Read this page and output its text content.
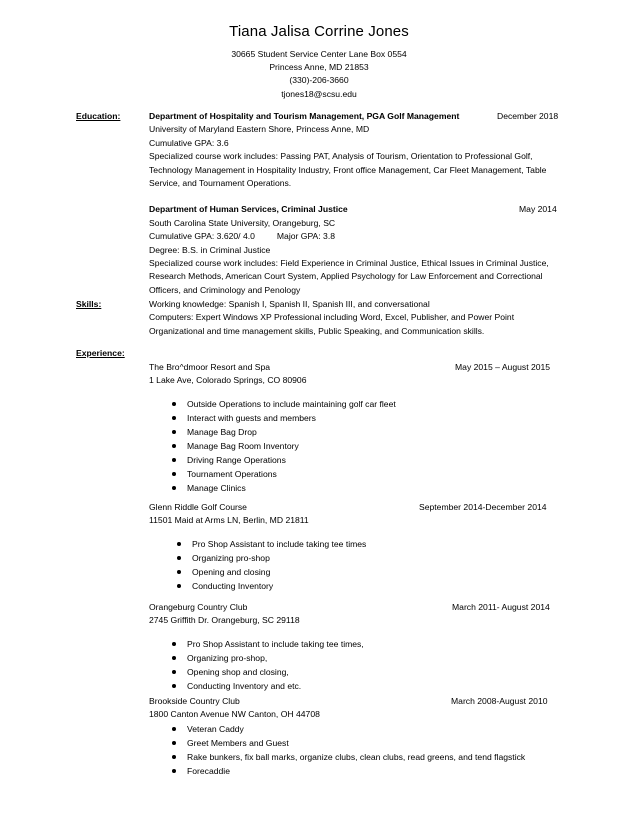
Tiana Jalisa Corrine Jones
30665 Student Service Center Lane Box 0554
Princess Anne, MD 21853
(330)-206-3660
tjones18@scsu.edu
Education:	Department of Hospitality and Tourism Management, PGA Golf Management	December 2018
University of Maryland Eastern Shore, Princess Anne, MD
Cumulative GPA: 3.6
Specialized course work includes: Passing PAT, Analysis of Tourism, Orientation to Professional Golf, Technology Management in Hospitality Industry, Front office Management, Car Fleet Management, Table Service, and Tournament Operations.
Department of Human Services, Criminal Justice	May 2014
South Carolina State University, Orangeburg, SC
Cumulative GPA: 3.620/ 4.0	Major GPA: 3.8
Degree: B.S. in Criminal Justice
Specialized course work includes: Field Experience in Criminal Justice, Ethical Issues in Criminal Justice, Research Methods, American Court System, Applied Psychology for Law Enforcement and Correctional Officers, and Criminology and Penology
Skills:	Working knowledge: Spanish I, Spanish II, Spanish III, and conversational
Computers: Expert Windows XP Professional including Word, Excel, Publisher, and Power Point Organizational and time management skills, Public Speaking, and Communication skills.
Experience:
The Bro^dmoor Resort and Spa	May 2015 – August 2015
1 Lake Ave, Colorado Springs, CO 80906
Outside Operations to include maintaining golf car fleet
Interact with guests and members
Manage Bag Drop
Manage Bag Room Inventory
Driving Range Operations
Tournament Operations
Manage Clinics
Glenn Riddle Golf Course	September 2014-December 2014
11501 Maid at Arms LN, Berlin, MD 21811
Pro Shop Assistant to include taking tee times
Organizing pro-shop
Opening and closing
Conducting Inventory
Orangeburg Country Club	March 2011- August 2014
2745 Griffith Dr. Orangeburg, SC 29118
Pro Shop Assistant to include taking tee times,
Organizing pro-shop,
Opening shop and closing,
Conducting Inventory and etc.
Brookside Country Club	March 2008-August 2010
1800 Canton Avenue NW Canton, OH 44708
Veteran Caddy
Greet Members and Guest
Rake bunkers, fix ball marks, organize clubs, clean clubs, read greens, and tend flagstick
Forecaddie
